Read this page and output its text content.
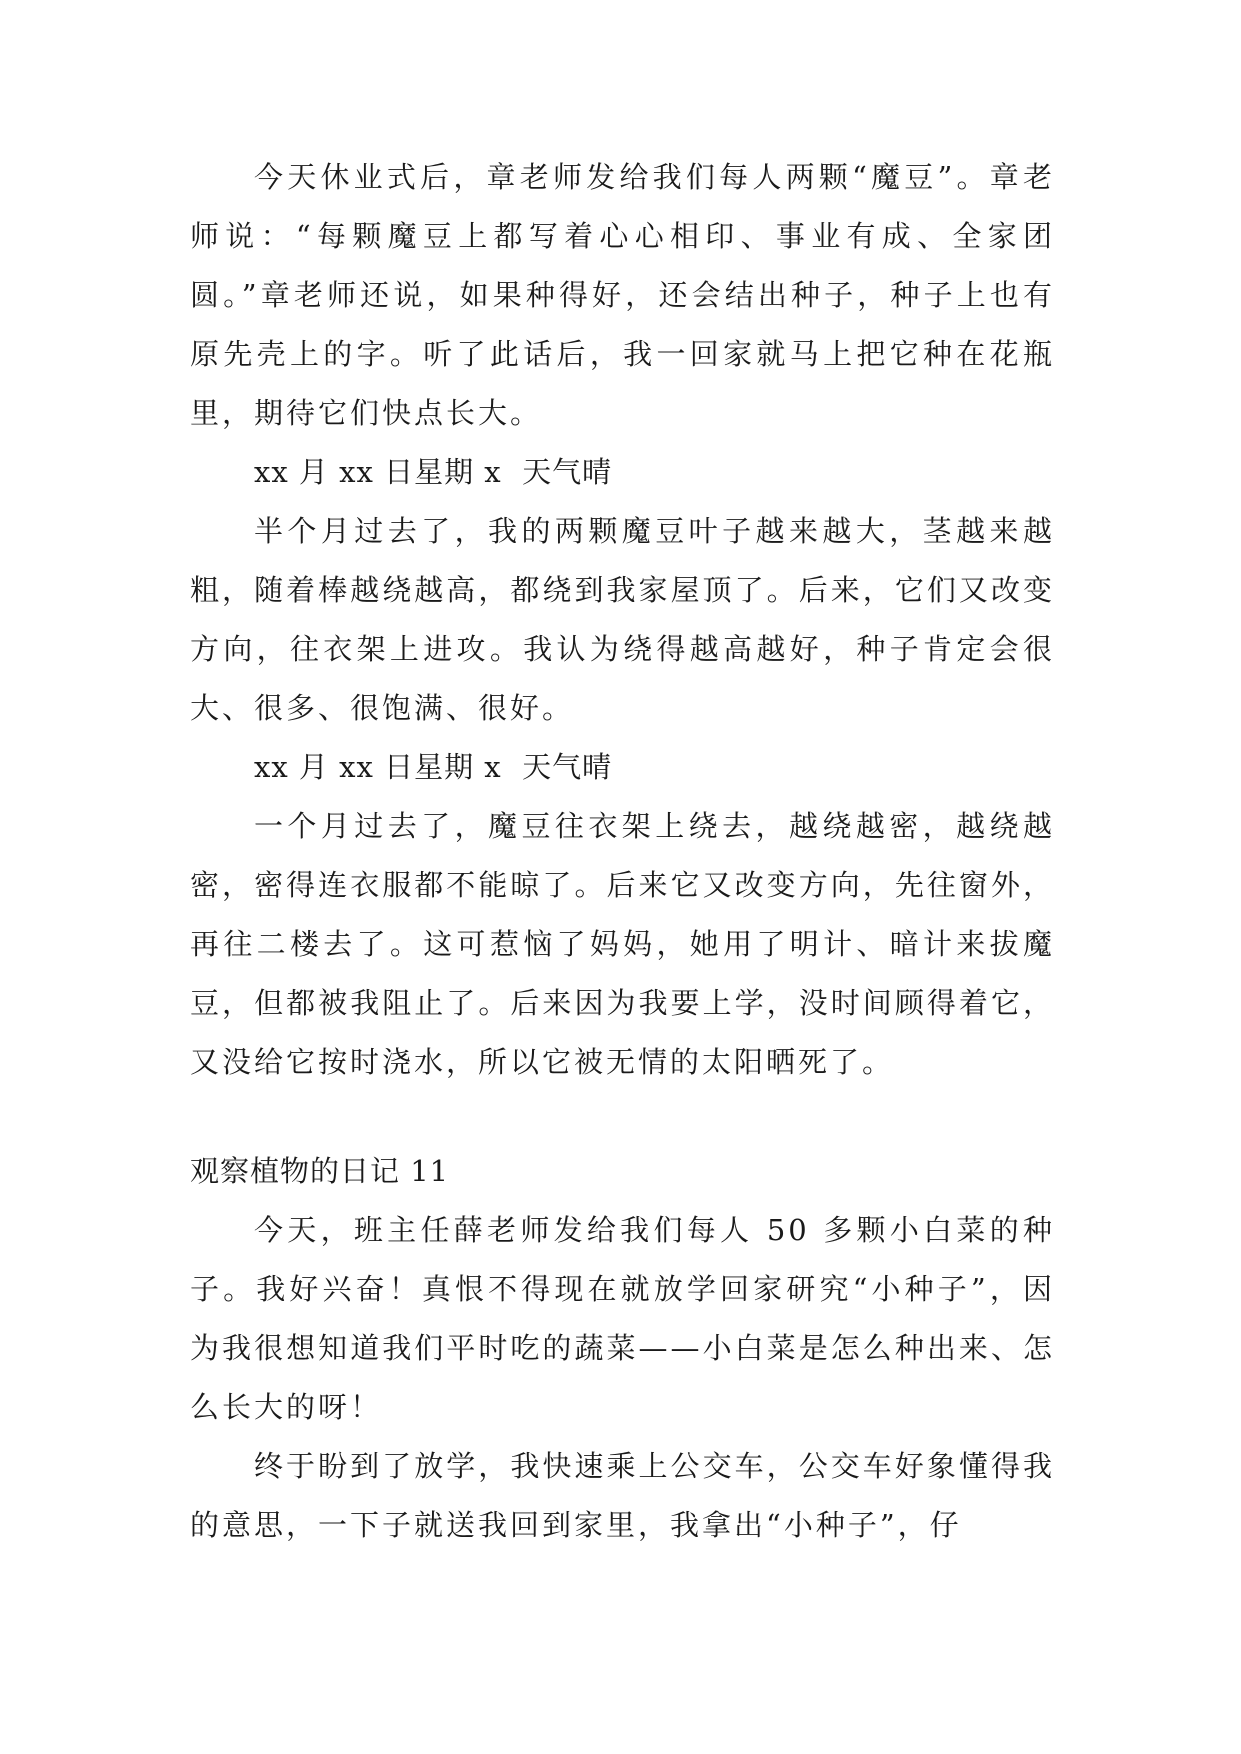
今天休业式后，章老师发给我们每人两颗“魔豆”。章老师说：“每颗魔豆上都写着心心相印、事业有成、全家团圆。”章老师还说，如果种得好，还会结出种子，种子上也有原先壳上的字。听了此话后，我一回家就马上把它种在花瓶里，期待它们快点长大。

xx 月 xx 日星期 x  天气晴

半个月过去了，我的两颗魔豆叶子越来越大，茎越来越粗，随着棒越绕越高，都绕到我家屋顶了。后来，它们又改变方向，往衣架上进攻。我认为绕得越高越好，种子肯定会很大、很多、很饱满、很好。

xx 月 xx 日星期 x  天气晴

一个月过去了，魔豆往衣架上绕去，越绕越密，越绕越密，密得连衣服都不能晾了。后来它又改变方向，先往窗外，再往二楼去了。这可惹恼了妈妈，她用了明计、暗计来拔魔豆，但都被我阻止了。后来因为我要上学，没时间顾得着它，又没给它按时浇水，所以它被无情的太阳晒死了。

观察植物的日记 11

今天，班主任薛老师发给我们每人 50 多颗小白菜的种子。我好兴奋！真恨不得现在就放学回家研究“小种子”，因为我很想知道我们平时吃的蔬菜——小白菜是怎么种出来、怎么长大的呀！

终于盼到了放学，我快速乘上公交车，公交车好象懂得我的意思，一下子就送我回到家里，我拿出“小种子”，仔
